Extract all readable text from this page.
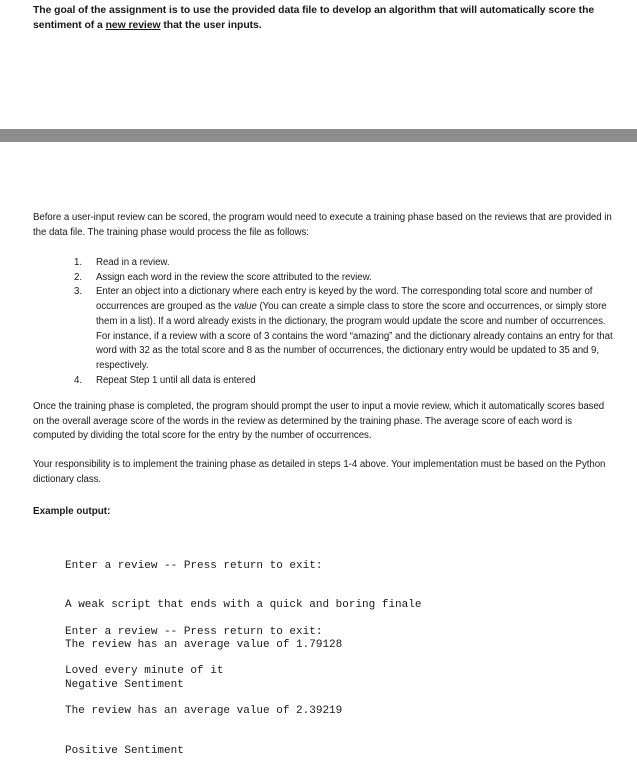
The goal of the assignment is to use the provided data file to develop an algorithm that will automatically score the sentiment of a new review that the user inputs.

Before a user-input review can be scored, the program would need to execute a training phase based on the reviews that are provided in the data file. The training phase would process the file as follows:

1. Read in a review.
2. Assign each word in the review the score attributed to the review.
3. Enter an object into a dictionary where each entry is keyed by the word. The corresponding total score and number of occurrences are grouped as the value (You can create a simple class to store the score and occurrences, or simply store them in a list). If a word already exists in the dictionary, the program would update the score and number of occurrences. For instance, if a review with a score of 3 contains the word “amazing” and the dictionary already contains an entry for that word with 32 as the total score and 8 as the number of occurrences, the dictionary entry would be updated to 35 and 9, respectively.
4. Repeat Step 1 until all data is entered

Once the training phase is completed, the program should prompt the user to input a movie review, which it automatically scores based on the overall average score of the words in the review as determined by the training phase. The average score of each word is computed by dividing the total score for the entry by the number of occurrences.

Your responsibility is to implement the training phase as detailed in steps 1-4 above. Your implementation must be based on the Python dictionary class.

Example output:

Enter a review -- Press return to exit:

A weak script that ends with a quick and boring finale

The review has an average value of 1.79128

Negative Sentiment

Enter a review -- Press return to exit:

Loved every minute of it

The review has an average value of 2.39219

Positive Sentiment
